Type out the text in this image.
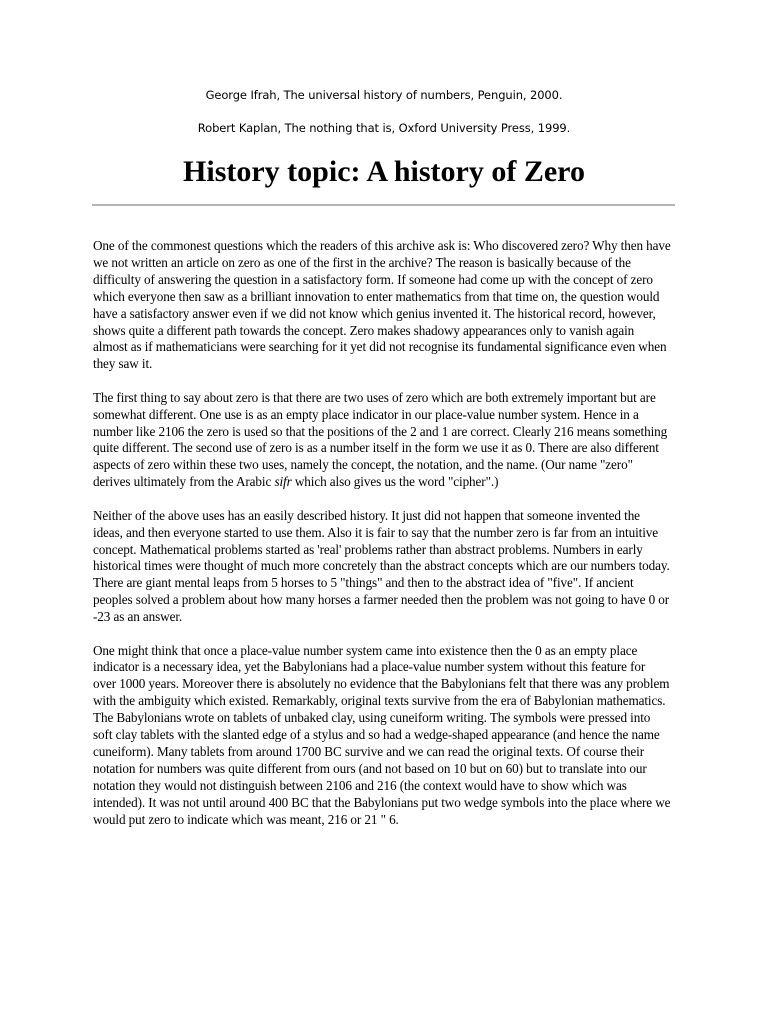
George Ifrah, The universal history of numbers, Penguin, 2000.
Robert Kaplan, The nothing that is, Oxford University Press, 1999.
History topic: A history of Zero

One of the commonest questions which the readers of this archive ask is: Who discovered zero? Why then have we not written an article on zero as one of the first in the archive? The reason is basically because of the difficulty of answering the question in a satisfactory form. If someone had come up with the concept of zero which everyone then saw as a brilliant innovation to enter mathematics from that time on, the question would have a satisfactory answer even if we did not know which genius invented it. The historical record, however, shows quite a different path towards the concept. Zero makes shadowy appearances only to vanish again almost as if mathematicians were searching for it yet did not recognise its fundamental significance even when they saw it.

The first thing to say about zero is that there are two uses of zero which are both extremely important but are somewhat different. One use is as an empty place indicator in our place-value number system. Hence in a number like 2106 the zero is used so that the positions of the 2 and 1 are correct. Clearly 216 means something quite different. The second use of zero is as a number itself in the form we use it as 0. There are also different aspects of zero within these two uses, namely the concept, the notation, and the name. (Our name "zero" derives ultimately from the Arabic sifr which also gives us the word "cipher".)

Neither of the above uses has an easily described history. It just did not happen that someone invented the ideas, and then everyone started to use them. Also it is fair to say that the number zero is far from an intuitive concept. Mathematical problems started as 'real' problems rather than abstract problems. Numbers in early historical times were thought of much more concretely than the abstract concepts which are our numbers today. There are giant mental leaps from 5 horses to 5 "things" and then to the abstract idea of "five". If ancient peoples solved a problem about how many horses a farmer needed then the problem was not going to have 0 or -23 as an answer.

One might think that once a place-value number system came into existence then the 0 as an empty place indicator is a necessary idea, yet the Babylonians had a place-value number system without this feature for over 1000 years. Moreover there is absolutely no evidence that the Babylonians felt that there was any problem with the ambiguity which existed. Remarkably, original texts survive from the era of Babylonian mathematics. The Babylonians wrote on tablets of unbaked clay, using cuneiform writing. The symbols were pressed into soft clay tablets with the slanted edge of a stylus and so had a wedge-shaped appearance (and hence the name cuneiform). Many tablets from around 1700 BC survive and we can read the original texts. Of course their notation for numbers was quite different from ours (and not based on 10 but on 60) but to translate into our notation they would not distinguish between 2106 and 216 (the context would have to show which was intended). It was not until around 400 BC that the Babylonians put two wedge symbols into the place where we would put zero to indicate which was meant, 216 or 21 " 6.
